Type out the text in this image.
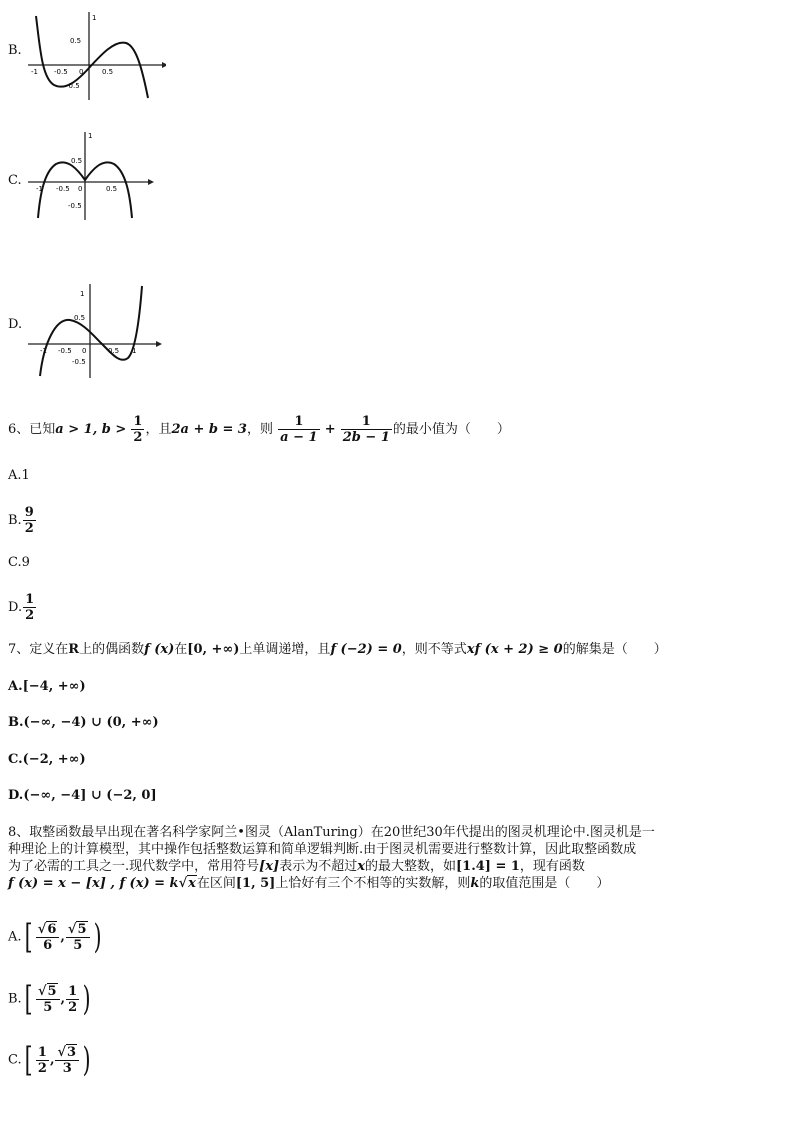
B.
1
0.5
-0.5
-1 -0.5 0	0.5
C.
1
0.5
-0.5
-1 -0.5 0	0.5
D.
1
0.5
-0.5
-1 -0.5 0	0.5 1
6、已知a > 1, $b > \frac{1}{2}$ ，且2a + b = 3，则 $\frac{1}{a - 1} + \frac{1}{2b - 1}$ 的最小值为（　　）
A.1
B. $\frac{9}{2}$
C.9
D. $\frac{1}{2}$
7、定义在R上的偶函数f (x)在[0, +∞)上单调递增，且f (−2) = 0，则不等式xf (x + 2) ≥ 0的解集是（　　）
A.[−4, +∞)
B.(−∞, −4) ∪ (0, +∞)
C.(−2, +∞)
D.(−∞, −4] ∪ (−2, 0]
8、取整函数最早出现在著名科学家阿兰•图灵（AlanTuring）在20世纪30年代提出的图灵机理论中.图灵机是一
种理论上的计算模型，其中操作包括整数运算和简单逻辑判断.由于图灵机需要进行整数计算，因此取整函数成
为了必需的工具之一.现代数学中，常用符号[x]表示为不超过x的最大整数，如[1.4] = 1，现有函数
f (x) = x − [x] , f (x) = k√x在区间[1, 5]上恰好有三个不相等的实数解，则k的取值范围是（　　）
$A.[ \frac{√6}{6}$ , $\frac{√5}{5}$ )
$B.[ \frac{√5}{5}$ , $\frac{1}{2}$ )
$C.[ \frac{1}{2}$ , $\frac{√3}{3}$ )
